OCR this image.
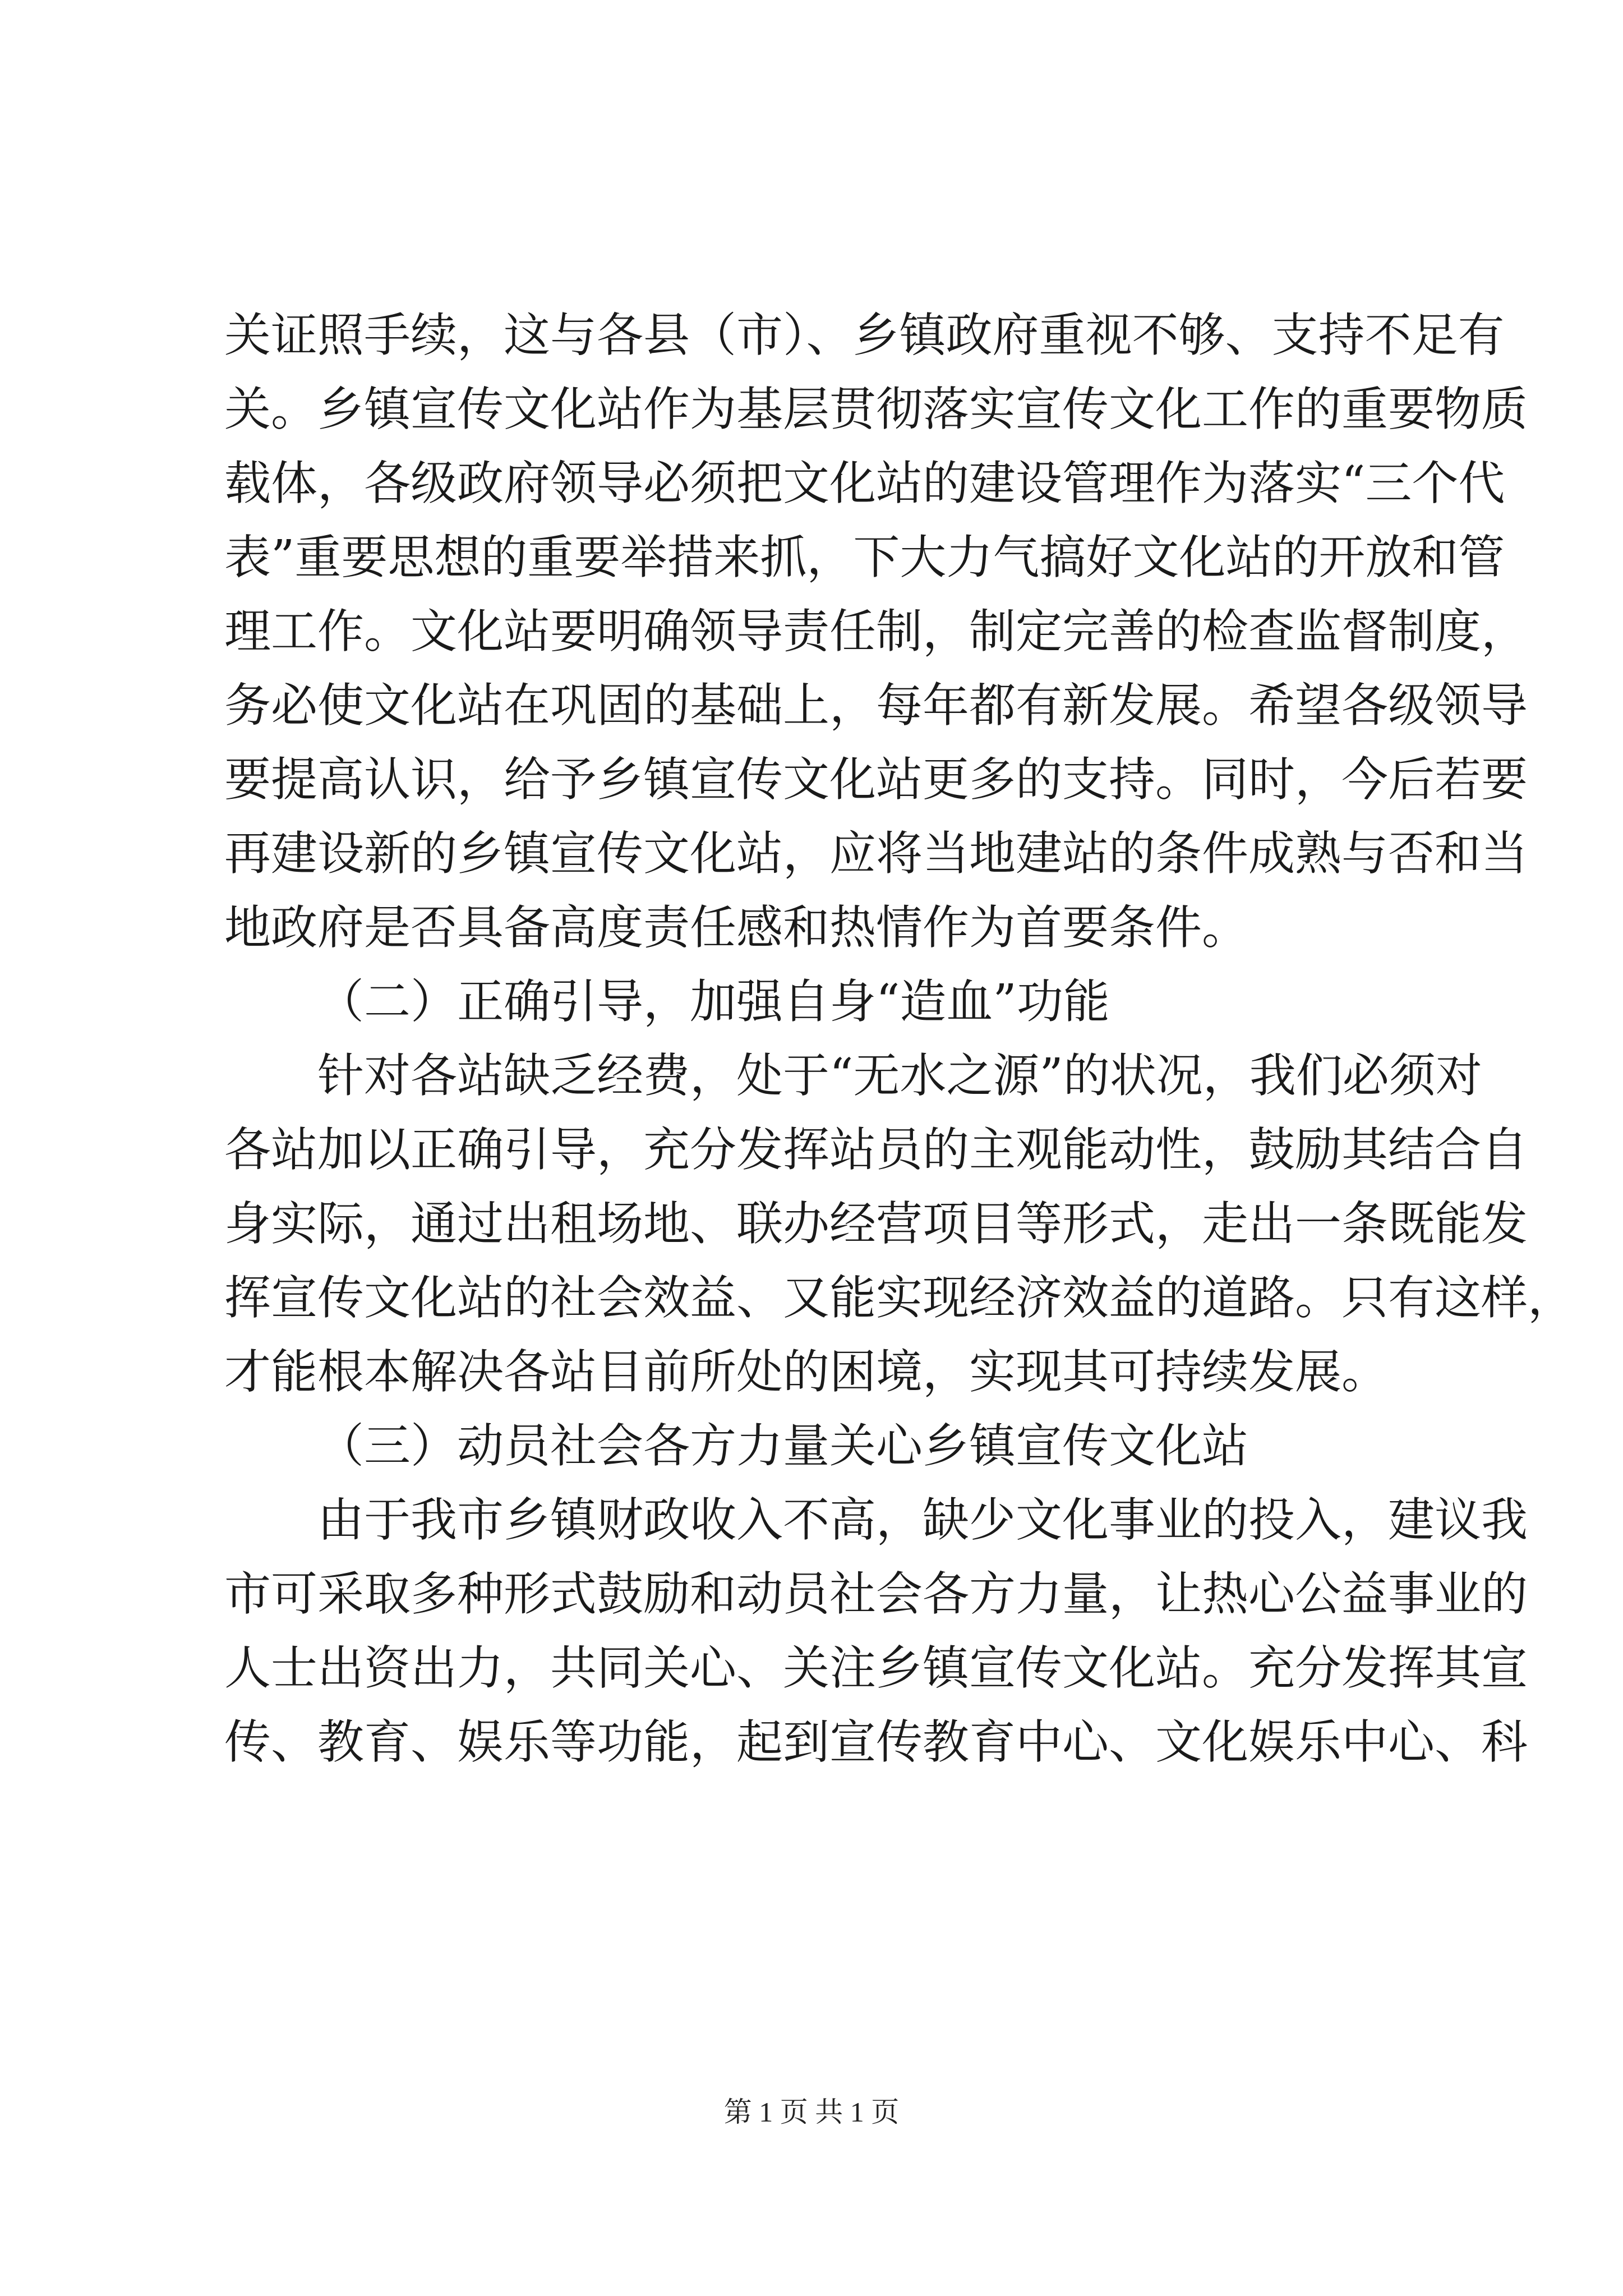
关证照手续，这与各县（市）、乡镇政府重视不够、支持不足有
关。乡镇宣传文化站作为基层贯彻落实宣传文化工作的重要物质
载体，各级政府领导必须把文化站的建设管理作为落实“三个代
表”重要思想的重要举措来抓，下大力气搞好文化站的开放和管
理工作。文化站要明确领导责任制，制定完善的检查监督制度，
务必使文化站在巩固的基础上，每年都有新发展。希望各级领导
要提高认识，给予乡镇宣传文化站更多的支持。同时，今后若要
再建设新的乡镇宣传文化站，应将当地建站的条件成熟与否和当
地政府是否具备高度责任感和热情作为首要条件。
（二）正确引导，加强自身“造血”功能
针对各站缺乏经费，处于“无水之源”的状况，我们必须对
各站加以正确引导，充分发挥站员的主观能动性，鼓励其结合自
身实际，通过出租场地、联办经营项目等形式，走出一条既能发
挥宣传文化站的社会效益、又能实现经济效益的道路。只有这样，
才能根本解决各站目前所处的困境，实现其可持续发展。
（三）动员社会各方力量关心乡镇宣传文化站
由于我市乡镇财政收入不高，缺少文化事业的投入，建议我
市可采取多种形式鼓励和动员社会各方力量，让热心公益事业的
人士出资出力，共同关心、关注乡镇宣传文化站。充分发挥其宣
传、教育、娱乐等功能，起到宣传教育中心、文化娱乐中心、科
第 1 页 共 1 页
